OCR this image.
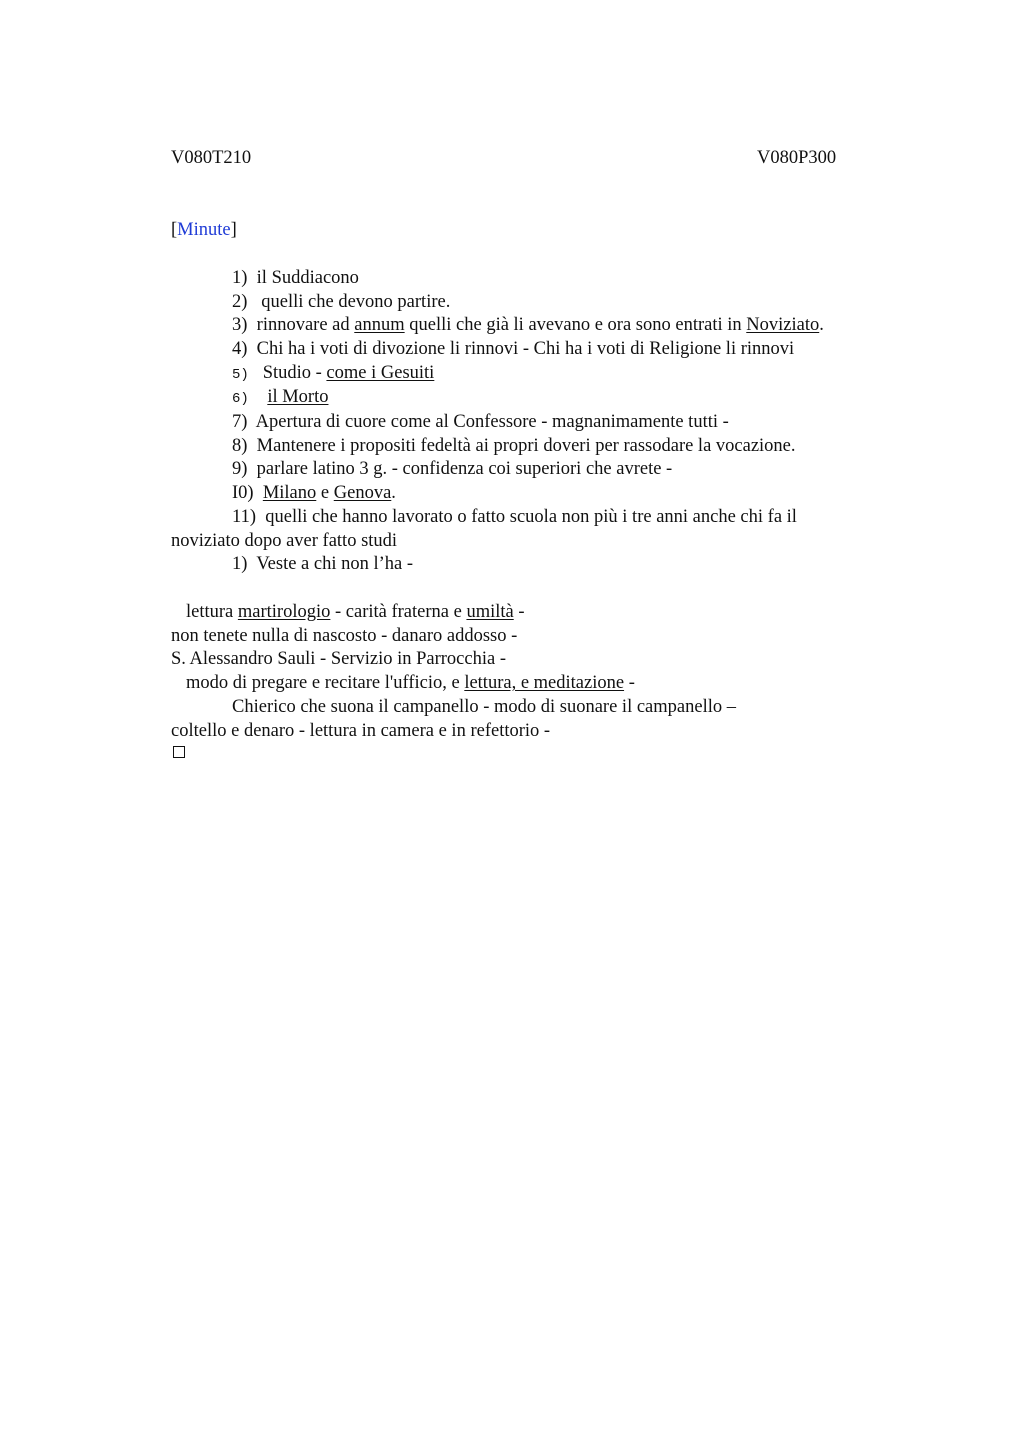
V080T210	V080P300
[Minute]
1) il Suddiacono
2) quelli che devono partire.
3) rinnovare ad annum quelli che già li avevano e ora sono entrati in Noviziato.
4) Chi ha i voti di divozione li rinnovi - Chi ha i voti di Religione li rinnovi
5) Studio - come i Gesuiti
6) il Morto
7) Apertura di cuore come al Confessore - magnanimamente tutti -
8) Mantenere i propositi fedeltà ai propri doveri per rassodare la vocazione.
9) parlare latino 3 g. - confidenza coi superiori che avrete -
I0) Milano e Genova.
11) quelli che hanno lavorato o fatto scuola non più i tre anni anche chi fa il
noviziato dopo aver fatto studi
1) Veste a chi non l’ha -
lettura martirologio - carità fraterna e umiltà -
non tenete nulla di nascosto - danaro addosso -
S. Alessandro Sauli - Servizio in Parrocchia -
modo di pregare e recitare l'ufficio, e lettura, e meditazione -
Chierico che suona il campanello - modo di suonare il campanello –
coltello e denaro - lettura in camera e in refettorio -
